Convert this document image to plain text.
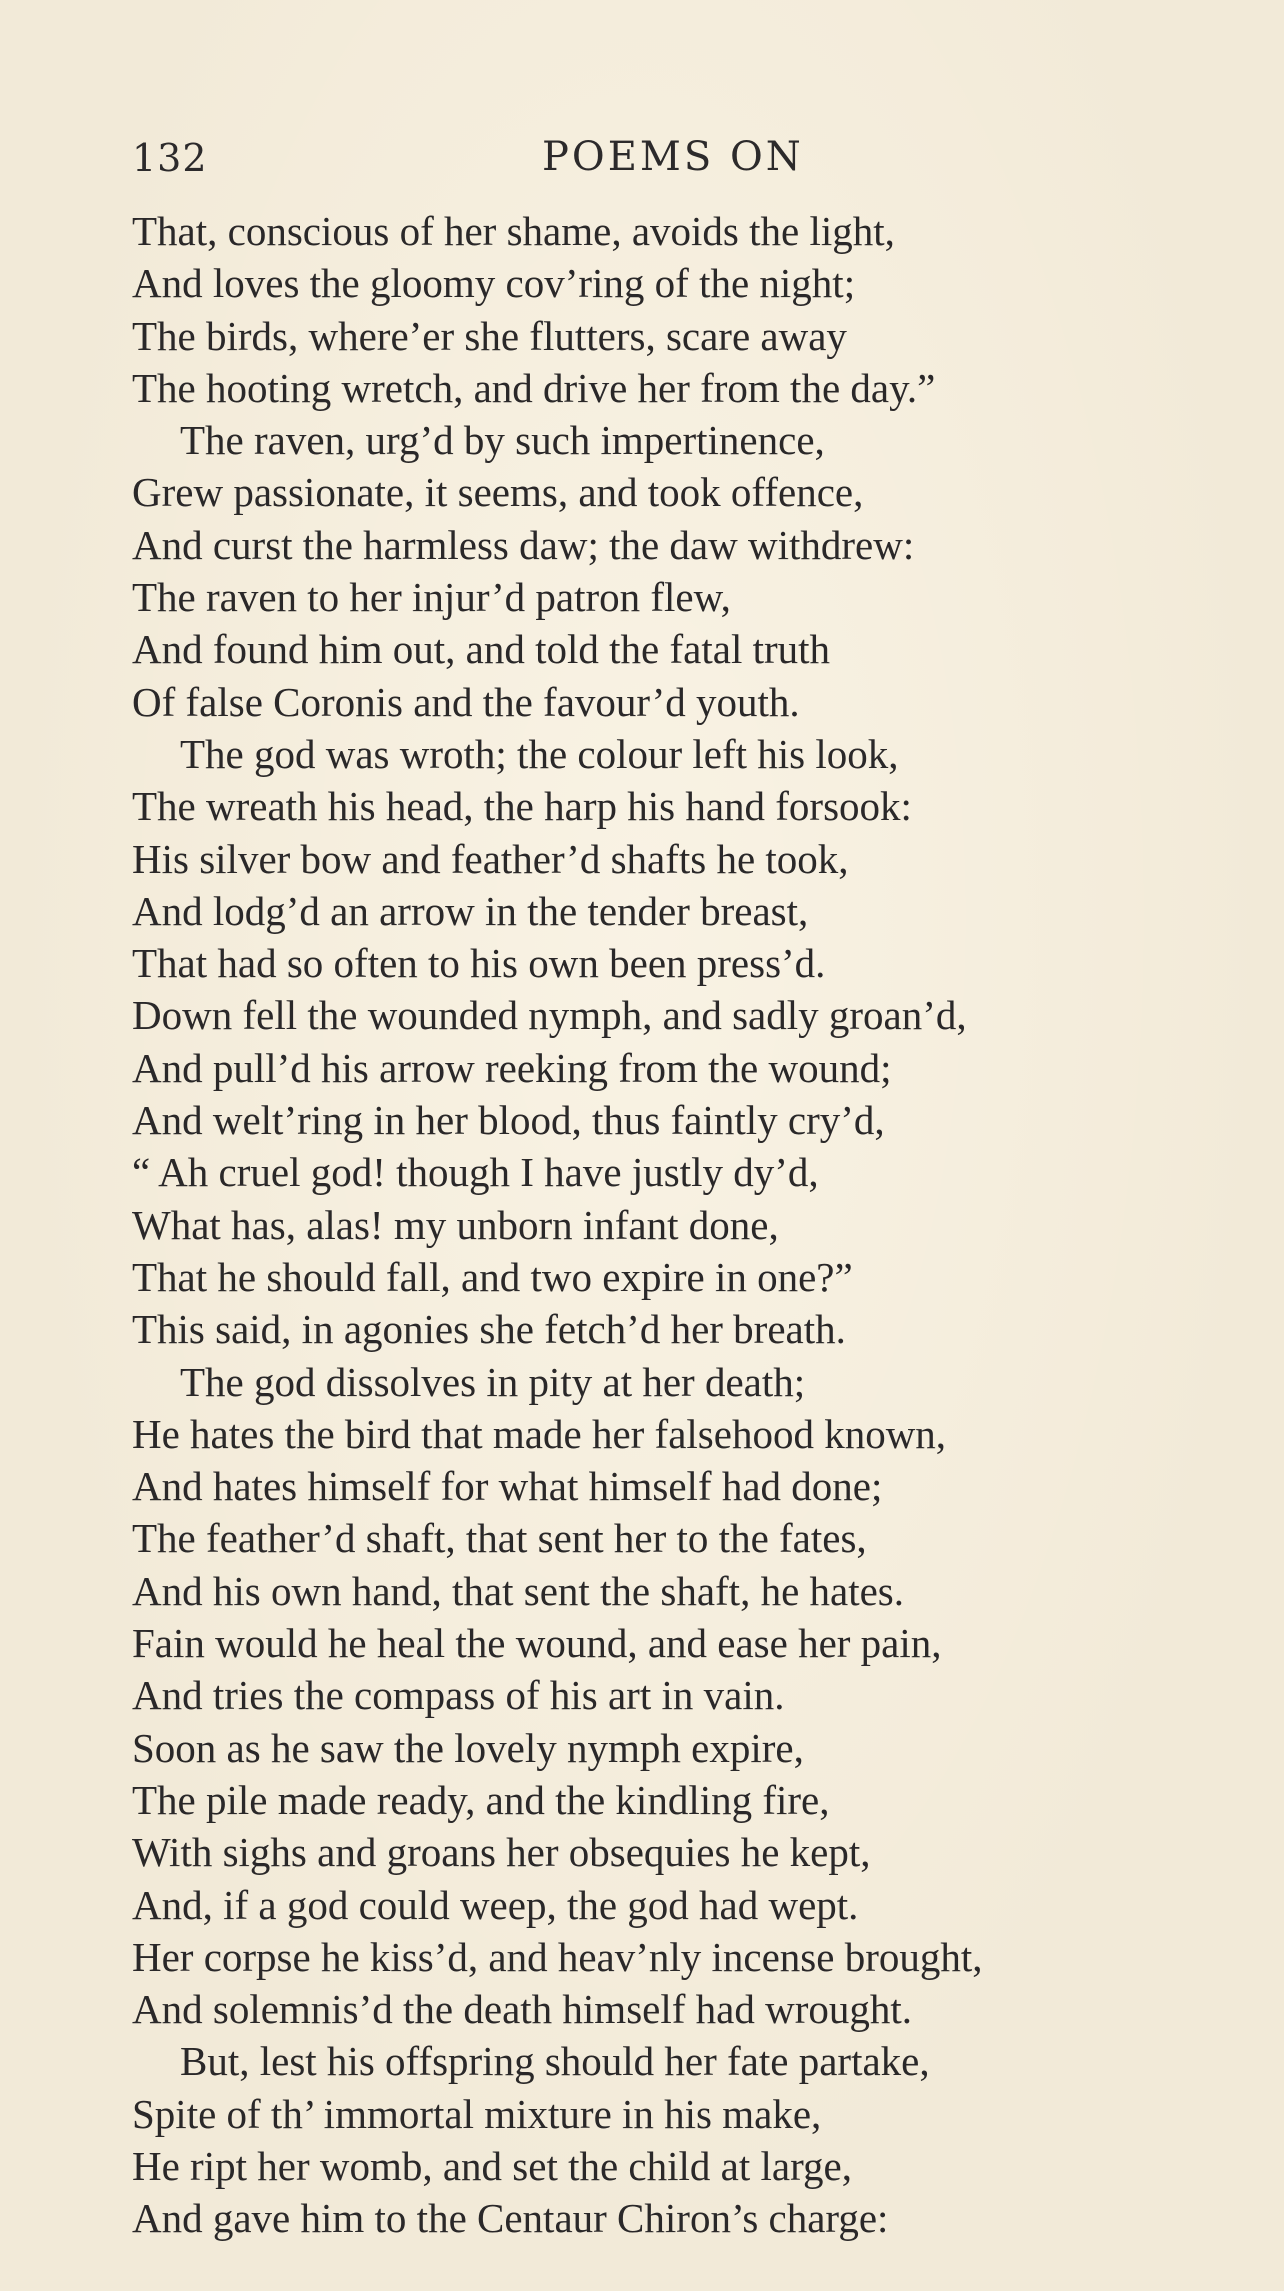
132	POEMS ON
That, conscious of her shame, avoids the light,
And loves the gloomy cov’ring of the night;
The birds, where’er she flutters, scare away
The hooting wretch, and drive her from the day.”
The raven, urg’d by such impertinence,
Grew passionate, it seems, and took offence,
And curst the harmless daw; the daw withdrew:
The raven to her injur’d patron flew,
And found him out, and told the fatal truth
Of false Coronis and the favour’d youth.
The god was wroth; the colour left his look,
The wreath his head, the harp his hand forsook:
His silver bow and feather’d shafts he took,
And lodg’d an arrow in the tender breast,
That had so often to his own been press’d.
Down fell the wounded nymph, and sadly groan’d,
And pull’d his arrow reeking from the wound;
And welt’ring in her blood, thus faintly cry’d,
“ Ah cruel god! though I have justly dy’d,
What has, alas! my unborn infant done,
That he should fall, and two expire in one?”
This said, in agonies she fetch’d her breath.
The god dissolves in pity at her death;
He hates the bird that made her falsehood known,
And hates himself for what himself had done;
The feather’d shaft, that sent her to the fates,
And his own hand, that sent the shaft, he hates.
Fain would he heal the wound, and ease her pain,
And tries the compass of his art in vain.
Soon as he saw the lovely nymph expire,
The pile made ready, and the kindling fire,
With sighs and groans her obsequies he kept,
And, if a god could weep, the god had wept.
Her corpse he kiss’d, and heav’nly incense brought,
And solemnis’d the death himself had wrought.
But, lest his offspring should her fate partake,
Spite of th’ immortal mixture in his make,
He ript her womb, and set the child at large,
And gave him to the Centaur Chiron’s charge:
